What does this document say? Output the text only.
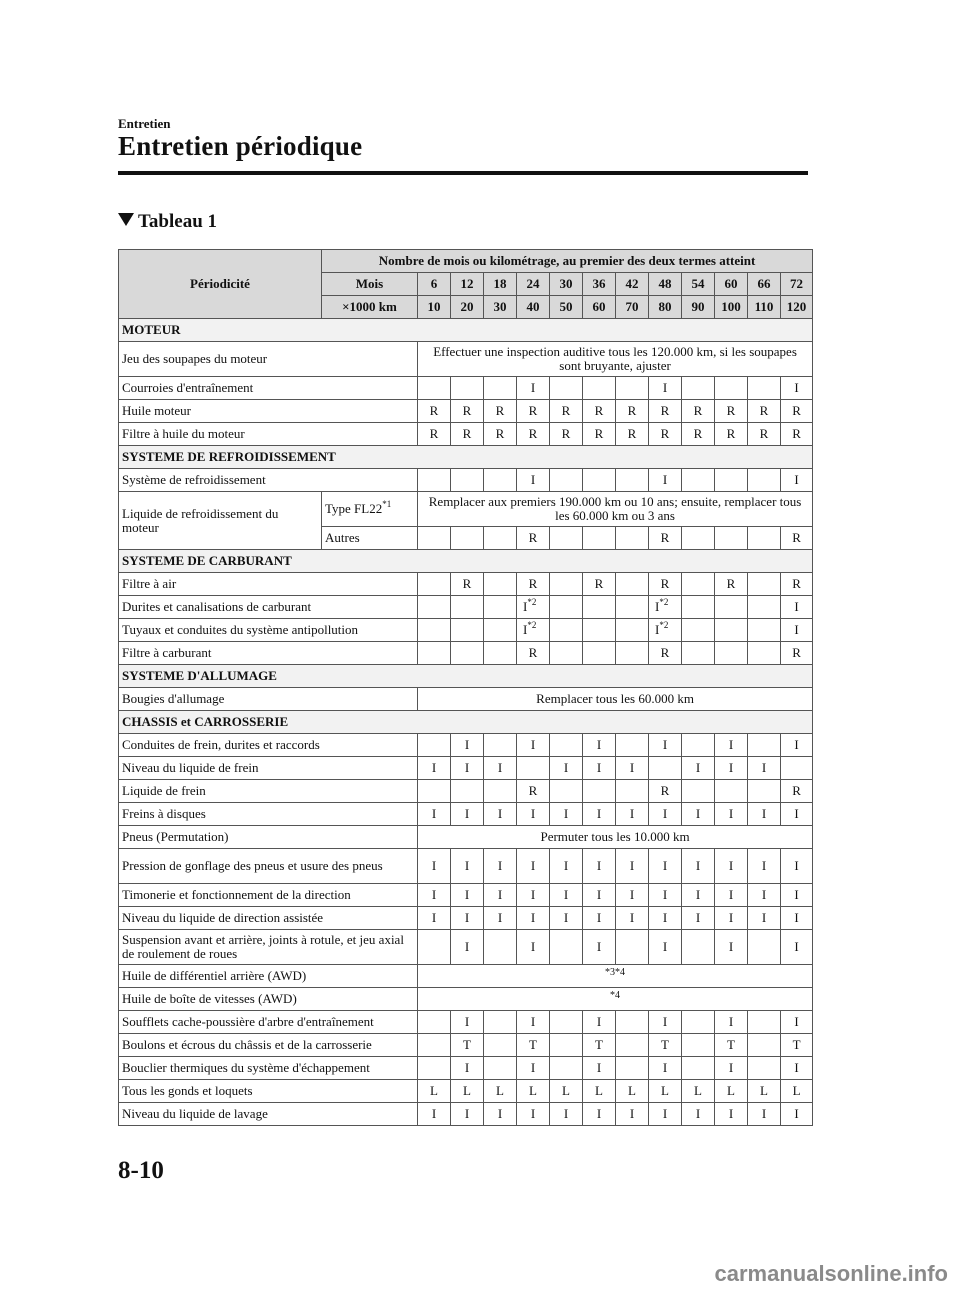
Entretien
Entretien périodique
Tableau 1
Périodicité	Nombre de mois ou kilométrage, au premier des deux termes atteint												
	Mois	6	12	18	24	30	36	42	48	54	60	66	72
	×1000 km	10	20	30	40	50	60	70	80	90	100	110	120
MOTEUR													
Jeu des soupapes du moteur		Effectuer une inspection auditive tous les 120.000 km, si les soupapes sont bruyante, ajuster											
Courroies d'entraînement					I				I				I
Huile moteur		R	R	R	R	R	R	R	R	R	R	R	R
Filtre à huile du moteur		R	R	R	R	R	R	R	R	R	R	R	R
SYSTEME DE REFROIDISSEMENT													
Système de refroidissement					I				I				I
Liquide de refroidissement du moteur	Type FL22$^{*1}$	Remplacer aux premiers 190.000 km ou 10 ans; ensuite, remplacer tous les 60.000 km ou 3 ans											
	Autres				R				R				R
SYSTEME DE CARBURANT													
Filtre à air			R		R		R		R		R		R
Durites et canalisations de carburant					$I^{*2}$				$I^{*2}$				I
Tuyaux et conduites du système antipollution					$I^{*2}$				$I^{*2}$				I
Filtre à carburant					R				R				R
SYSTEME D'ALLUMAGE													
Bougies d'allumage		Remplacer tous les 60.000 km											
CHASSIS et CARROSSERIE													
Conduites de frein, durites et raccords			I		I		I		I		I		I
Niveau du liquide de frein		I	I	I		I	I	I		I	I	I	
Liquide de frein					R				R				R
Freins à disques		I	I	I	I	I	I	I	I	I	I	I	I
Pneus (Permutation)		Permuter tous les 10.000 km											
Pression de gonflage des pneus et usure des pneus		I	I	I	I	I	I	I	I	I	I	I	I
Timonerie et fonctionnement de la direction		I	I	I	I	I	I	I	I	I	I	I	I
Niveau du liquide de direction assistée		I	I	I	I	I	I	I	I	I	I	I	I
Suspension avant et arrière, joints à rotule, et jeu axial de roulement de roues			I		I		I		I		I		I
Huile de différentiel arrière (AWD)		*3*4											

Huile de boîte de vitesses (AWD)		*4											

Soufflets cache-poussière d'arbre d'entraînement			I		I		I		I		I		I
Boulons et écrous du châssis et de la carrosserie			T		T		T		T		T		T
Bouclier thermiques du système d'échappement			I		I		I		I		I		I
Tous les gonds et loquets		L	L	L	L	L	L	L	L	L	L	L	L
Niveau du liquide de lavage		I	I	I	I	I	I	I	I	I	I	I	I
8-10
carmanualsonline.info
